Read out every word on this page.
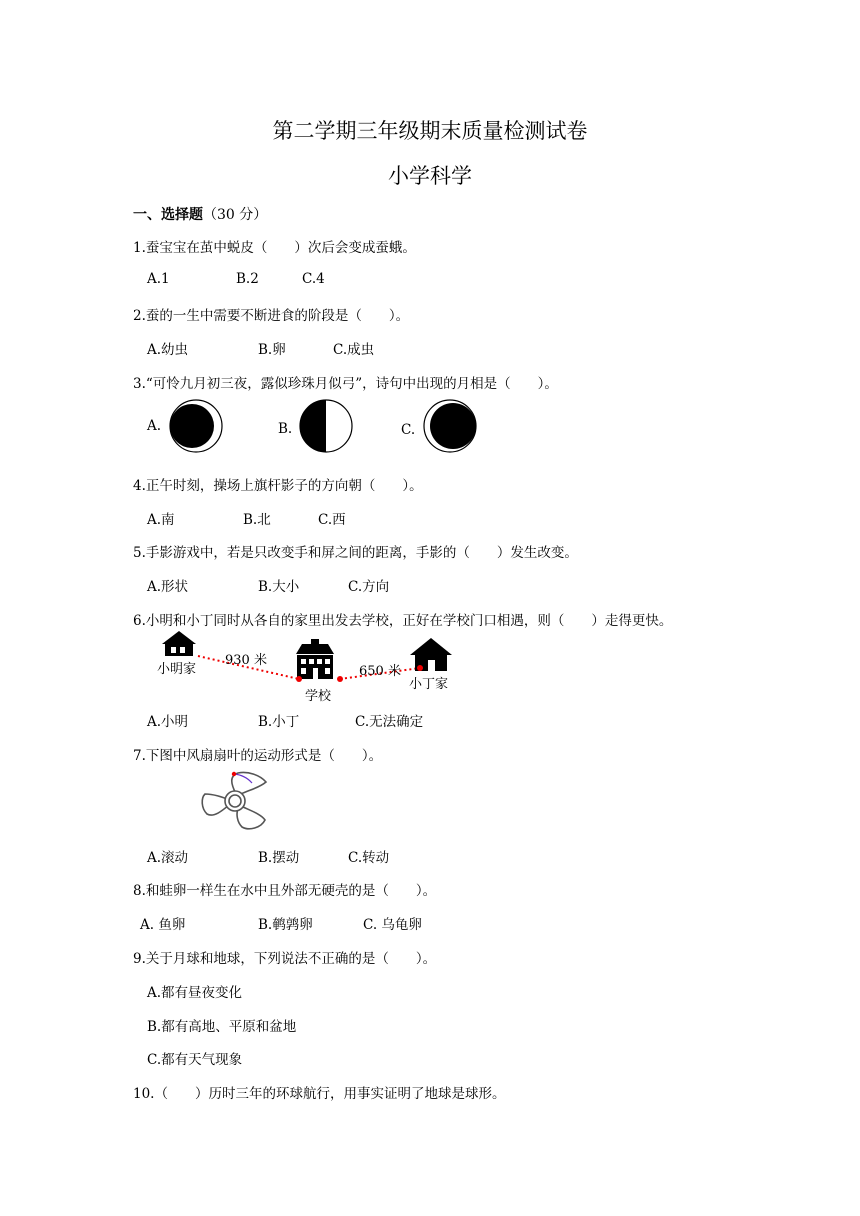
第二学期三年级期末质量检测试卷
小学科学
一、选择题（30 分）
1.蚕宝宝在茧中蜕皮（　　）次后会变成蚕蛾。
A.1	B.2	C.4
2.蚕的一生中需要不断进食的阶段是（　　）。
A.幼虫	B.卵	C.成虫
3.“可怜九月初三夜，露似珍珠月似弓”，诗句中出现的月相是（　　）。
A.	B.	C.
4.正午时刻，操场上旗杆影子的方向朝（　　）。
A.南	B.北	C.西
5.手影游戏中，若是只改变手和屏之间的距离，手影的（　　）发生改变。
A.形状	B.大小	C.方向
6.小明和小丁同时从各自的家里出发去学校，正好在学校门口相遇，则（　　）走得更快。
小明家
930 米
学校
650 米
小丁家
A.小明	B.小丁	C.无法确定
7.下图中风扇扇叶的运动形式是（　　）。
A.滚动	B.摆动	C.转动
8.和蛙卵一样生在水中且外部无硬壳的是（　　）。
A. 鱼卵	B.鹌鹑卵	C. 乌龟卵
9.关于月球和地球，下列说法不正确的是（　　）。
A.都有昼夜变化
B.都有高地、平原和盆地
C.都有天气现象
10.（　　）历时三年的环球航行，用事实证明了地球是球形。
